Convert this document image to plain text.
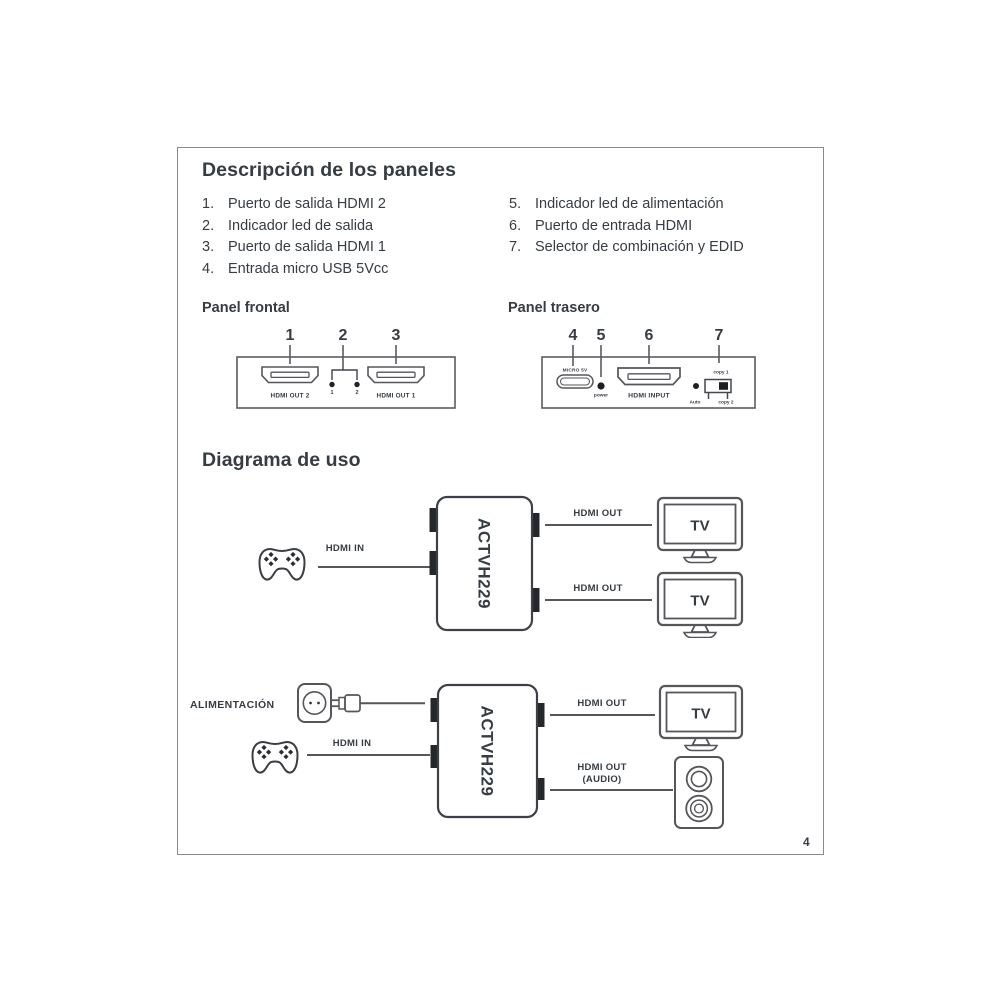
Descripción de los paneles
1. Puerto de salida HDMI 2
2. Indicador led de salida
3. Puerto de salida HDMI 1
4. Entrada micro USB 5Vcc
5. Indicador led de alimentación
6. Puerto de entrada HDMI
7. Selector de combinación y EDID
Panel frontal	Panel trasero
1	2	3
1	2
HDMI OUT 2	HDMI OUT 1
4 5 6	7
MICRO 5V
power	HDMI INPUT
copy 1
Auto	copy 2
Diagrama de uso
HDMI IN	ACTVH229
HDMI OUT
HDMI OUT
TV
TV
ALIMENTACIÓN
HDMI IN	ACTVH229
HDMI OUT
TV
HDMI OUT
(AUDIO)
4
